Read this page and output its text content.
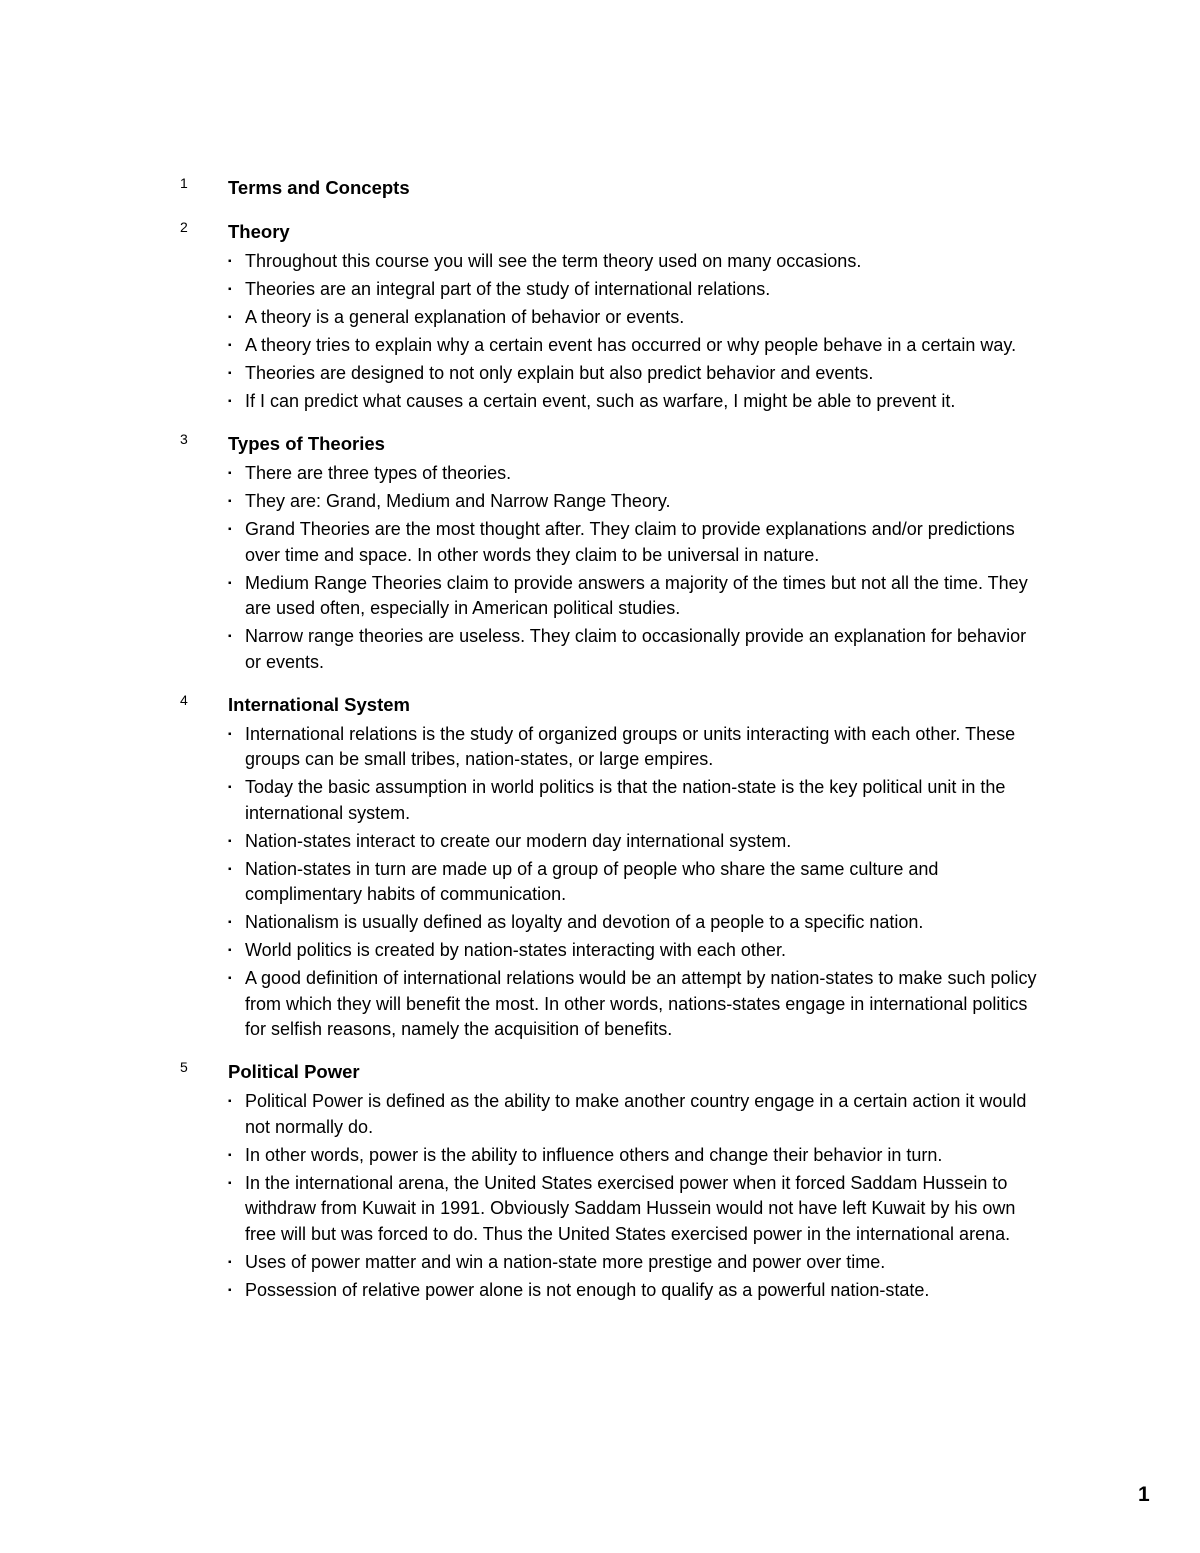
1 Terms and Concepts
2 Theory
▪ Throughout this course you will see the term theory used on many occasions.
▪ Theories are an integral part of the study of international relations.
▪ A theory is a general explanation of behavior or events.
▪ A theory tries to explain why a certain event has occurred or why people behave in a certain way.
▪ Theories are designed to not only explain but also predict behavior and events.
▪ If I can predict what causes a certain event, such as warfare, I might be able to prevent it.
3 Types of Theories
▪ There are three types of theories.
▪ They are: Grand, Medium and Narrow Range Theory.
▪ Grand Theories are the most thought after. They claim to provide explanations and/or predictions over time and space. In other words they claim to be universal in nature.
▪ Medium Range Theories claim to provide answers a majority of the times but not all the time. They are used often, especially in American political studies.
▪ Narrow range theories are useless. They claim to occasionally provide an explanation for behavior or events.
4 International System
▪ International relations is the study of organized groups or units interacting with each other. These groups can be small tribes, nation-states, or large empires.
▪ Today the basic assumption in world politics is that the nation-state is the key political unit in the international system.
▪ Nation-states interact to create our modern day international system.
▪ Nation-states in turn are made up of a group of people who share the same culture and complimentary habits of communication.
▪ Nationalism is usually defined as loyalty and devotion of a people to a specific nation.
▪ World politics is created by nation-states interacting with each other.
▪ A good definition of international relations would be an attempt by nation-states to make such policy from which they will benefit the most. In other words, nations-states engage in international politics for selfish reasons, namely the acquisition of benefits.
5 Political Power
▪ Political Power is defined as the ability to make another country engage in a certain action it would not normally do.
▪ In other words, power is the ability to influence others and change their behavior in turn.
▪ In the international arena, the United States exercised power when it forced Saddam Hussein to withdraw from Kuwait in 1991. Obviously Saddam Hussein would not have left Kuwait by his own free will but was forced to do. Thus the United States exercised power in the international arena.
▪ Uses of power matter and win a nation-state more prestige and power over time.
▪ Possession of relative power alone is not enough to qualify as a powerful nation-state.
1
